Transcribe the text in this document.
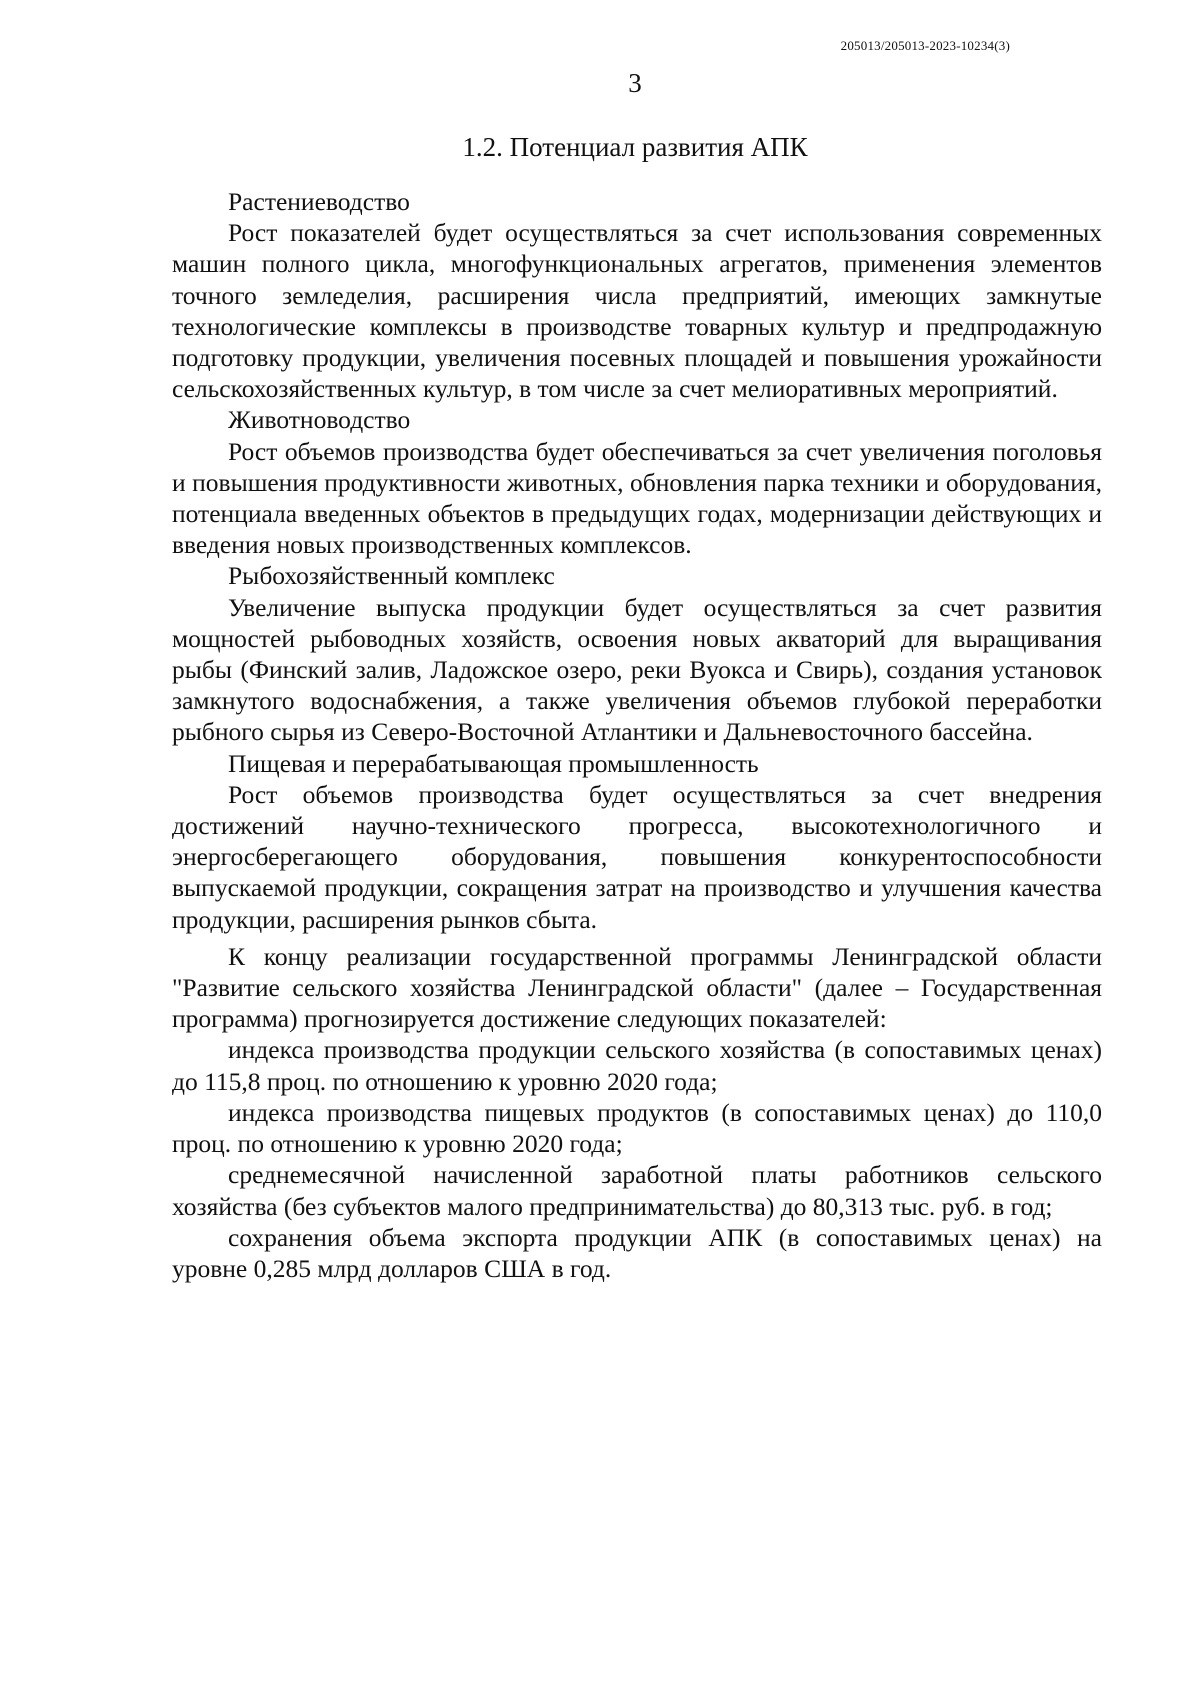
205013/205013-2023-10234(3)
3
1.2. Потенциал развития АПК

Растениеводство

Рост показателей будет осуществляться за счет использования современных машин полного цикла, многофункциональных агрегатов, применения элементов точного земледелия, расширения числа предприятий, имеющих замкнутые технологические комплексы в производстве товарных культур и предпродажную подготовку продукции, увеличения посевных площадей и повышения урожайности сельскохозяйственных культур, в том числе за счет мелиоративных мероприятий.

Животноводство

Рост объемов производства будет обеспечиваться за счет увеличения поголовья и повышения продуктивности животных, обновления парка техники и оборудования, потенциала введенных объектов в предыдущих годах, модернизации действующих и введения новых производственных комплексов.

Рыбохозяйственный комплекс

Увеличение выпуска продукции будет осуществляться за счет развития мощностей рыбоводных хозяйств, освоения новых акваторий для выращивания рыбы (Финский залив, Ладожское озеро, реки Вуокса и Свирь), создания установок замкнутого водоснабжения, а также увеличения объемов глубокой переработки рыбного сырья из Северо-Восточной Атлантики и Дальневосточного бассейна.

Пищевая и перерабатывающая промышленность

Рост объемов производства будет осуществляться за счет внедрения достижений научно-технического прогресса, высокотехнологичного и энергосберегающего оборудования, повышения конкурентоспособности выпускаемой продукции, сокращения затрат на производство и улучшения качества продукции, расширения рынков сбыта.

К концу реализации государственной программы Ленинградской области "Развитие сельского хозяйства Ленинградской области" (далее – Государственная программа) прогнозируется достижение следующих показателей:

индекса производства продукции сельского хозяйства (в сопоставимых ценах) до 115,8 проц. по отношению к уровню 2020 года;

индекса производства пищевых продуктов (в сопоставимых ценах) до 110,0 проц. по отношению к уровню 2020 года;

среднемесячной начисленной заработной платы работников сельского хозяйства (без субъектов малого предпринимательства) до 80,313 тыс. руб. в год;

сохранения объема экспорта продукции АПК (в сопоставимых ценах) на уровне 0,285 млрд долларов США в год.
